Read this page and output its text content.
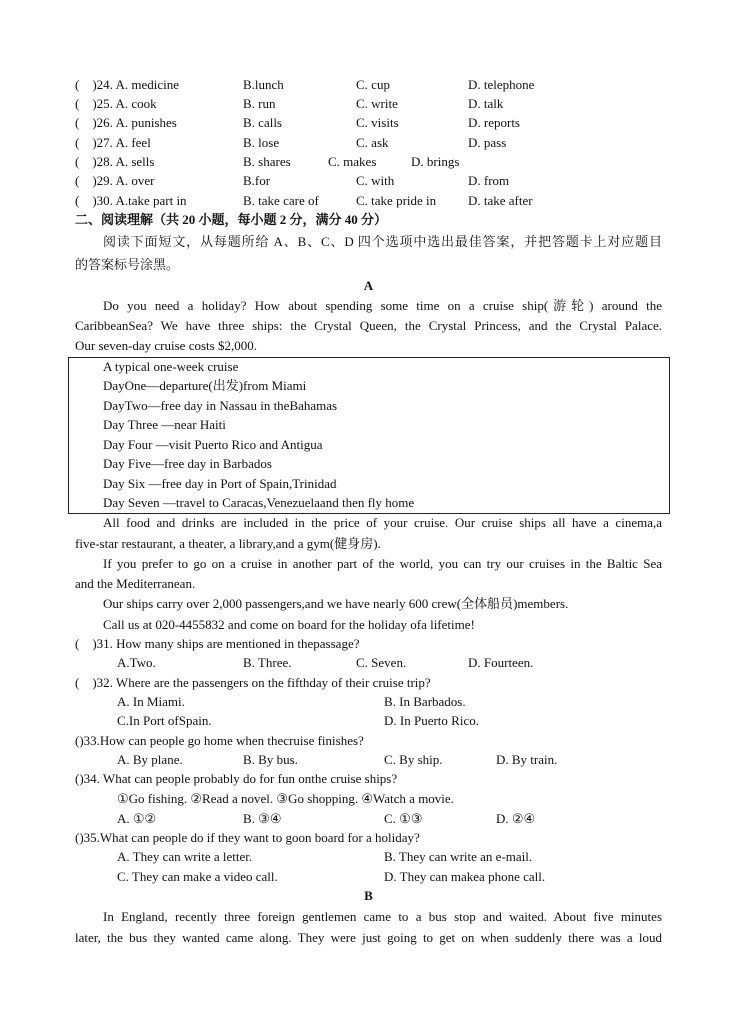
(    )24. A. medicine	B.lunch	C. cup	D. telephone
(    )25. A. cook	B. run	C. write	D. talk
(    )26. A. punishes	B. calls	C. visits	D. reports
(    )27. A. feel	B. lose	C. ask	D. pass
(    )28. A. sells	B. shares	C. makes	D. brings
(    )29. A. over	B.for	C. with	D. from
(    )30. A.take part in	B. take care of	C. take pride in D. take after
二、阅读理解（共 20 小题，每小题 2 分，满分 40 分）
阅读下面短文，从每题所给 A、B、C、D 四个选项中选出最佳答案，并把答题卡上对应题目
的答案标号涂黑。
A
Do you need a holiday? How about spending some time on a cruise ship(游轮) around the
CaribbeanSea? We have three ships: the Crystal Queen, the Crystal Princess, and the Crystal Palace.
Our seven-day cruise costs $2,000.
A typical one-week cruise
DayOne—departure(出发)from Miami
DayTwo—free day in Nassau in theBahamas
Day Three —near Haiti
Day Four —visit Puerto Rico and Antigua
Day Five—free day in Barbados
Day Six —free day in Port of Spain,Trinidad
Day Seven —travel to Caracas,Venezuelaand then fly home
All food and drinks are included in the price of your cruise. Our cruise ships all have a cinema,a
five-star restaurant, a theater, a library,and a gym(健身房).
If you prefer to go on a cruise in another part of the world, you can try our cruises in the Baltic Sea
and the Mediterranean.
Our ships carry over 2,000 passengers,and we have nearly 600 crew(全体船员)members.
Call us at 020-4455832 and come on board for the holiday ofa lifetime!
(    )31. How many ships are mentioned in thepassage?
A.Two.	B. Three.	C. Seven.	D. Fourteen.
(    )32. Where are the passengers on the fifthday of their cruise trip?
A. In Miami.	B. In Barbados.
C.In Port ofSpain.	D. In Puerto Rico.
()33.How can people go home when thecruise finishes?
A. By plane.	B. By bus.	C. By ship.	D. By train.
()34. What can people probably do for fun onthe cruise ships?
①Go fishing. ②Read a novel. ③Go shopping. ④Watch a movie.
A. ①②	B. ③④	C. ①③	D. ②④
()35.What can people do if they want to goon board for a holiday?
A. They can write a letter.	B. They can write an e-mail.
C. They can make a video call.	D. They can makea phone call.
B
In England, recently three foreign gentlemen came to a bus stop and waited. About five minutes
later, the bus they wanted came along. They were just going to get on when suddenly there was a loud
